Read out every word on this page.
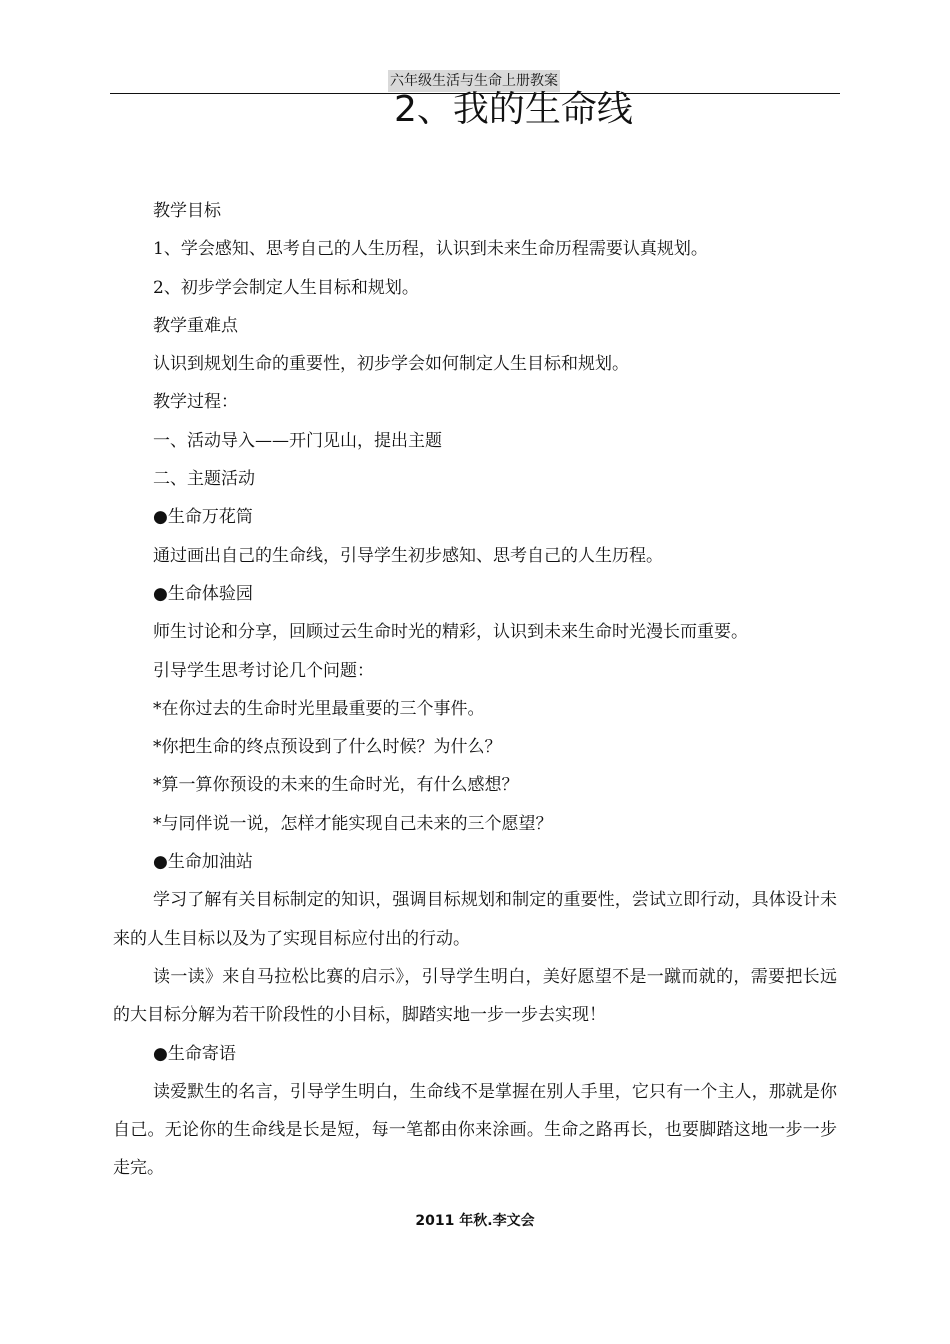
六年级生活与生命上册教案
2、我的生命线

教学目标

1、学会感知、思考自己的人生历程，认识到未来生命历程需要认真规划。

2、初步学会制定人生目标和规划。

教学重难点

认识到规划生命的重要性，初步学会如何制定人生目标和规划。

教学过程：

一、活动导入——开门见山，提出主题

二、主题活动

●生命万花筒

通过画出自己的生命线，引导学生初步感知、思考自己的人生历程。

●生命体验园

师生讨论和分享，回顾过云生命时光的精彩，认识到未来生命时光漫长而重要。

引导学生思考讨论几个问题：

*在你过去的生命时光里最重要的三个事件。

*你把生命的终点预设到了什么时候？为什么？

*算一算你预设的未来的生命时光，有什么感想？

*与同伴说一说，怎样才能实现自己未来的三个愿望？

●生命加油站

学习了解有关目标制定的知识，强调目标规划和制定的重要性，尝试立即行动，具体设计未来的人生目标以及为了实现目标应付出的行动。

读一读》来自马拉松比赛的启示》，引导学生明白，美好愿望不是一蹴而就的，需要把长远的大目标分解为若干阶段性的小目标，脚踏实地一步一步去实现！

●生命寄语

读爱默生的名言，引导学生明白，生命线不是掌握在别人手里，它只有一个主人，那就是你自己。无论你的生命线是长是短，每一笔都由你来涂画。生命之路再长，也要脚踏这地一步一步走完。

2011 年秋.李文会
